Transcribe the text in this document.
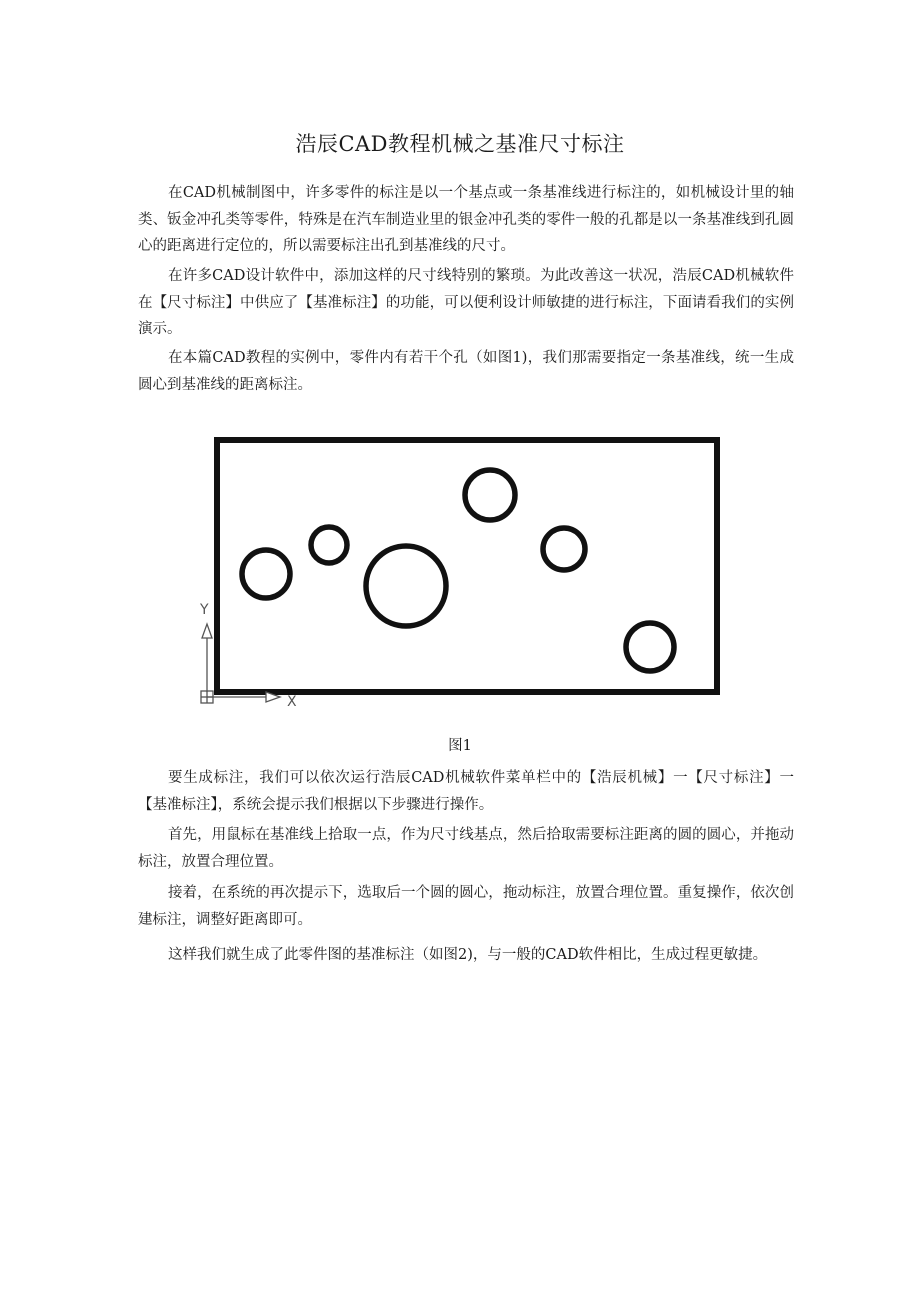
浩辰CAD教程机械之基准尺寸标注

在CAD机械制图中，许多零件的标注是以一个基点或一条基准线进行标注的，如机械设计里的轴类、钣金冲孔类等零件，特殊是在汽车制造业里的银金冲孔类的零件一般的孔都是以一条基准线到孔圆心的距离进行定位的，所以需要标注出孔到基准线的尺寸。

在许多CAD设计软件中，添加这样的尺寸线特别的繁琐。为此改善这一状况，浩辰CAD机械软件在【尺寸标注】中供应了【基准标注】的功能，可以便利设计师敏捷的进行标注，下面请看我们的实例演示。

在本篇CAD教程的实例中，零件内有若干个孔（如图1)，我们那需要指定一条基准线，统一生成圆心到基准线的距离标注。

Y
X

图1

要生成标注，我们可以依次运行浩辰CAD机械软件菜单栏中的【浩辰机械】一【尺寸标注】一【基准标注】，系统会提示我们根据以下步骤进行操作。

首先，用鼠标在基准线上拾取一点，作为尺寸线基点，然后拾取需要标注距离的圆的圆心，并拖动标注，放置合理位置。

接着，在系统的再次提示下，选取后一个圆的圆心，拖动标注，放置合理位置。重复操作，依次创建标注，调整好距离即可。

这样我们就生成了此零件图的基准标注（如图2)，与一般的CAD软件相比，生成过程更敏捷。
